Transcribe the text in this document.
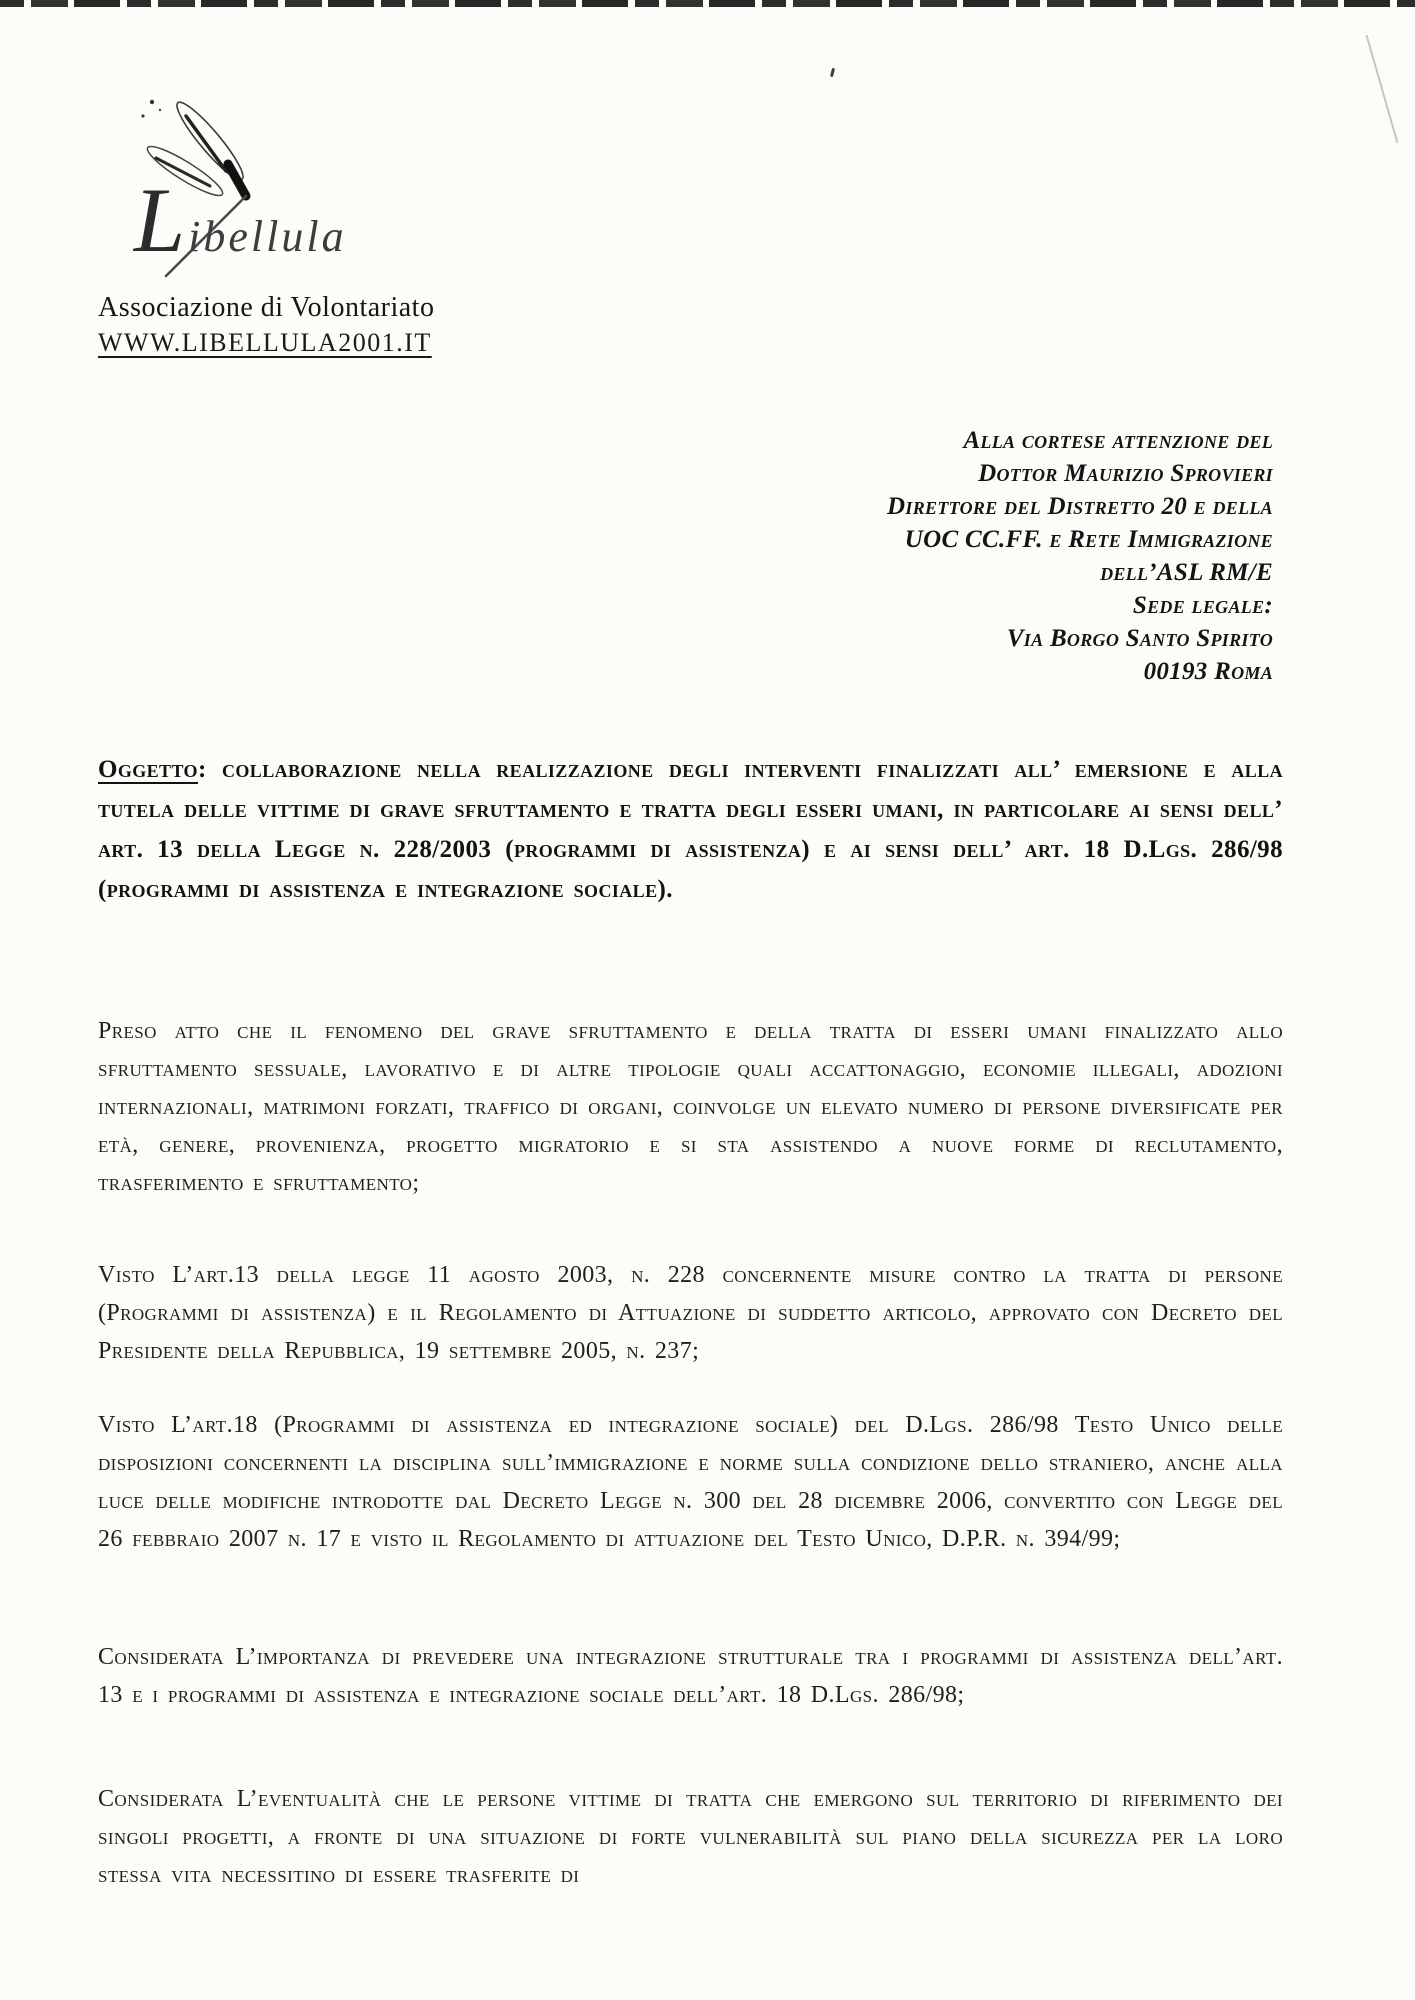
Libellula
Associazione di Volontariato
WWW.LIBELLULA2001.IT
Alla cortese attenzione del
Dottor Maurizio Sprovieri
Direttore del Distretto 20 e della
UOC CC.FF. e Rete Immigrazione
dell’ASL RM/E
Sede legale:
Via Borgo Santo Spirito
00193 Roma

Oggetto: collaborazione nella realizzazione degli interventi finalizzati all’ emersione e alla tutela delle vittime di grave sfruttamento e tratta degli esseri umani, in particolare ai sensi dell’ art. 13 della Legge n. 228/2003 (programmi di assistenza) e ai sensi dell’ art. 18 D.Lgs. 286/98 (programmi di assistenza e integrazione sociale).

Preso atto che il fenomeno del grave sfruttamento e della tratta di esseri umani finalizzato allo sfruttamento sessuale, lavorativo e di altre tipologie quali accattonaggio, economie illegali, adozioni internazionali, matrimoni forzati, traffico di organi, coinvolge un elevato numero di persone diversificate per età, genere, provenienza, progetto migratorio e si sta assistendo a nuove forme di reclutamento, trasferimento e sfruttamento;

Visto L’art.13 della legge 11 agosto 2003, n. 228 concernente misure contro la tratta di persone (Programmi di assistenza) e il Regolamento di Attuazione di suddetto articolo, approvato con Decreto del Presidente della Repubblica, 19 settembre 2005, n. 237;

Visto L’art.18 (Programmi di assistenza ed integrazione sociale) del D.Lgs. 286/98 Testo Unico delle disposizioni concernenti la disciplina sull’immigrazione e norme sulla condizione dello straniero, anche alla luce delle modifiche introdotte dal Decreto Legge n. 300 del 28 dicembre 2006, convertito con Legge del 26 febbraio 2007 n. 17 e visto il Regolamento di attuazione del Testo Unico, D.P.R. n. 394/99;

Considerata L’importanza di prevedere una integrazione strutturale tra i programmi di assistenza dell’art. 13 e i programmi di assistenza e integrazione sociale dell’art. 18 D.Lgs. 286/98;

Considerata L’eventualità che le persone vittime di tratta che emergono sul territorio di riferimento dei singoli progetti, a fronte di una situazione di forte vulnerabilità sul piano della sicurezza per la loro stessa vita necessitino di essere trasferite di
